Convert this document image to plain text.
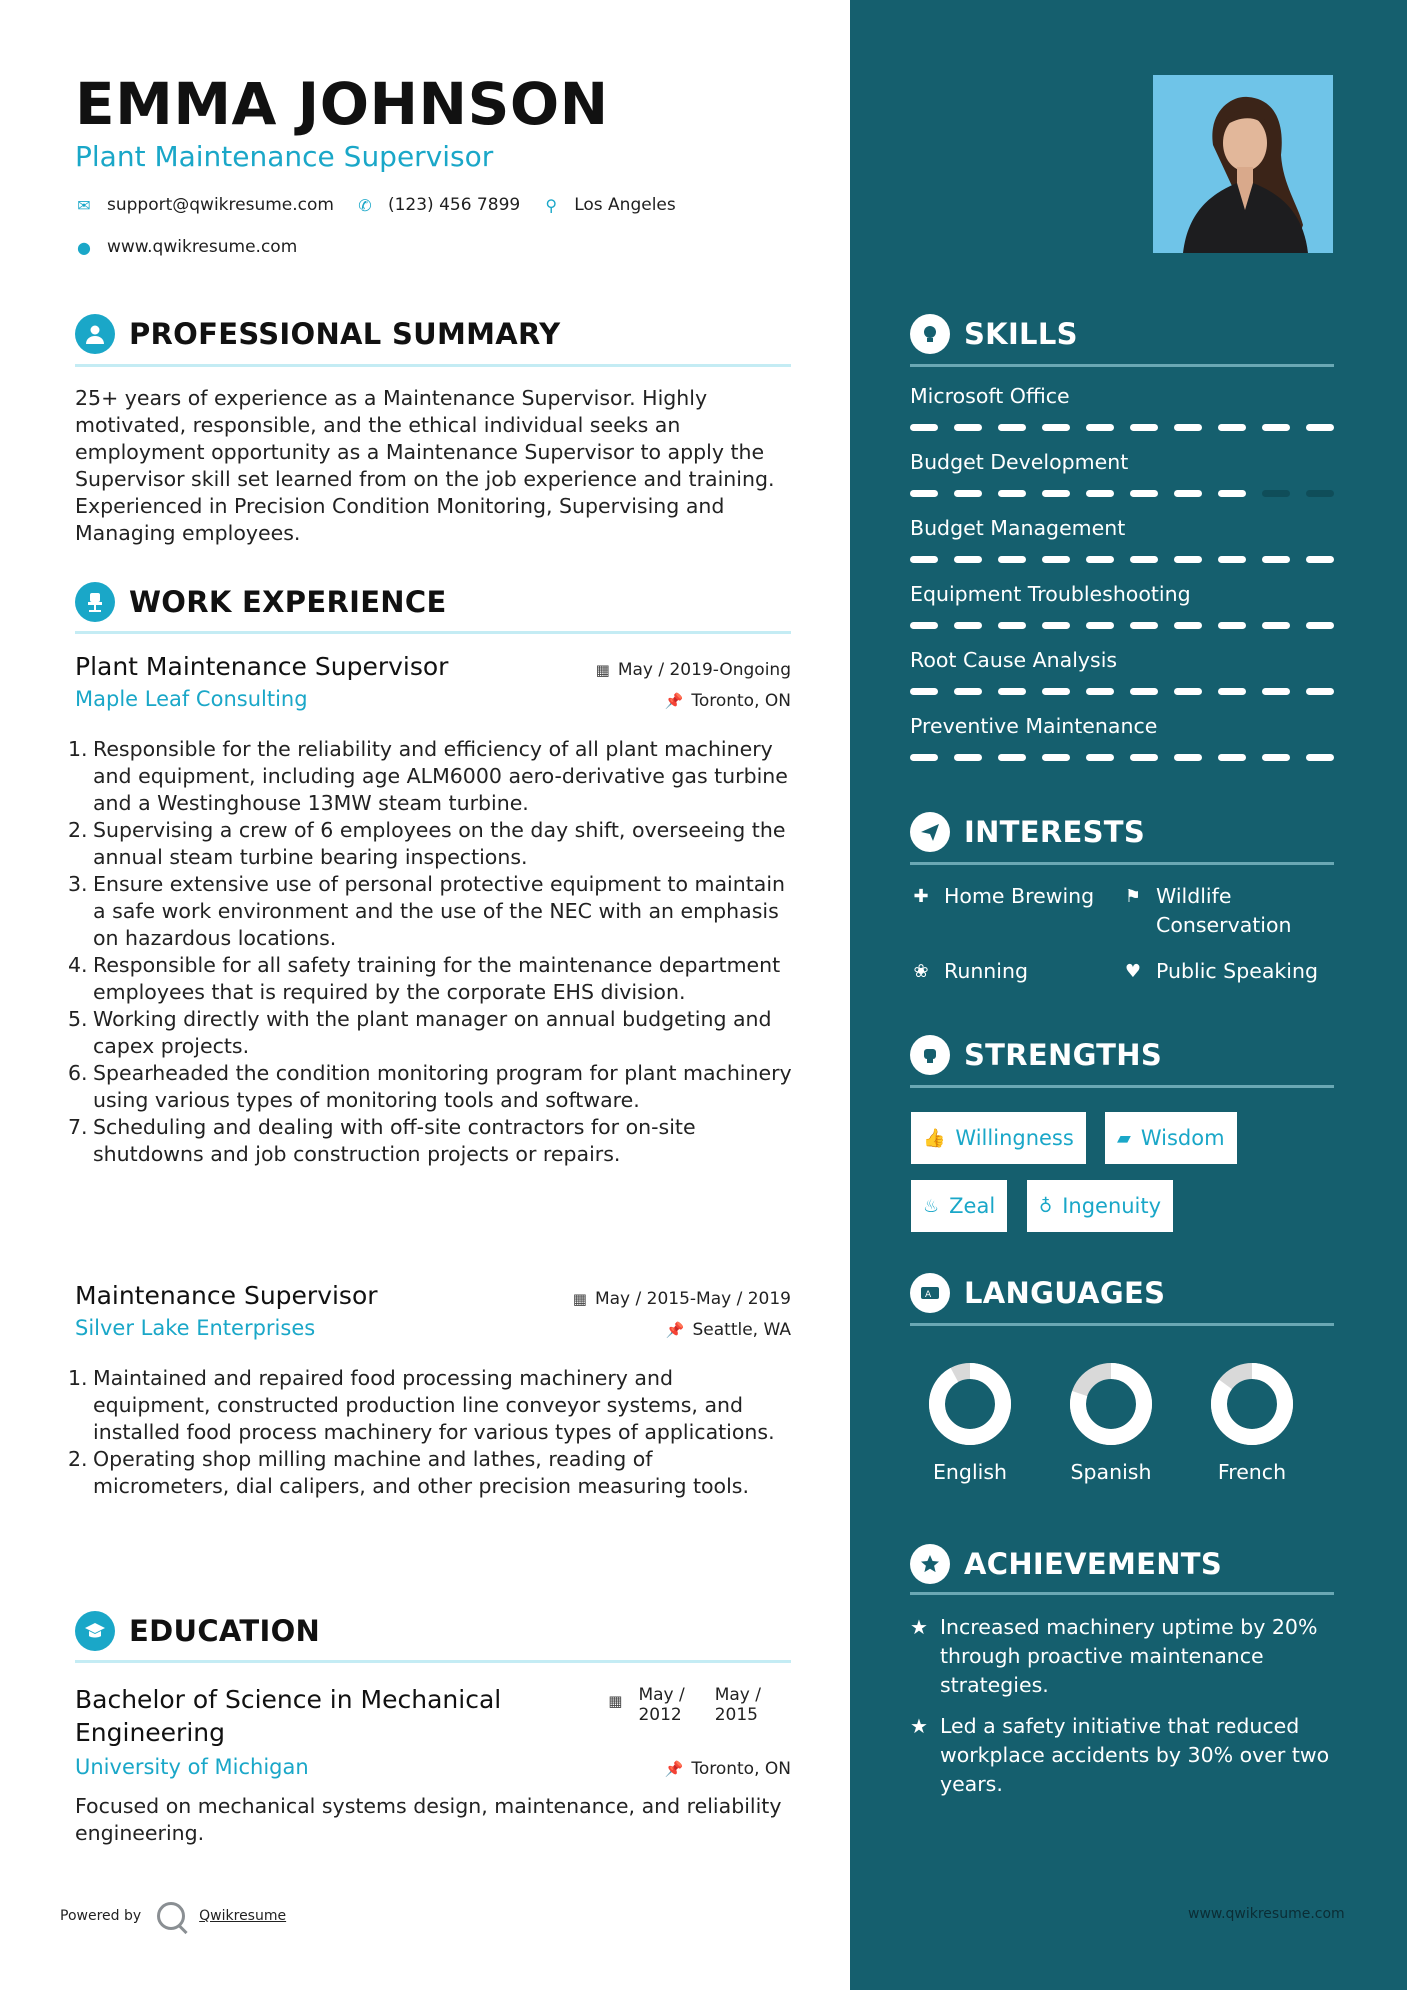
EMMA JOHNSON
Plant Maintenance Supervisor
✉ support@qwikresume.com ✆ (123) 456 7899 ⚲ Los Angeles
● www.qwikresume.com
PROFESSIONAL SUMMARY
25+ years of experience as a Maintenance Supervisor. Highly motivated, responsible, and the ethical individual seeks an employment opportunity as a Maintenance Supervisor to apply the Supervisor skill set learned from on the job experience and training. Experienced in Precision Condition Monitoring, Supervising and Managing employees.
WORK EXPERIENCE
Plant Maintenance Supervisor	▦ May / 2019-Ongoing
Maple Leaf Consulting	📌 Toronto, ON
1. Responsible for the reliability and efficiency of all plant machinery and equipment, including age ALM6000 aero-derivative gas turbine and a Westinghouse 13MW steam turbine.
2. Supervising a crew of 6 employees on the day shift, overseeing the annual steam turbine bearing inspections.
3. Ensure extensive use of personal protective equipment to maintain a safe work environment and the use of the NEC with an emphasis on hazardous locations.
4. Responsible for all safety training for the maintenance department employees that is required by the corporate EHS division.
5. Working directly with the plant manager on annual budgeting and capex projects.
6. Spearheaded the condition monitoring program for plant machinery using various types of monitoring tools and software.
7. Scheduling and dealing with off-site contractors for on-site shutdowns and job construction projects or repairs.
Maintenance Supervisor	▦ May / 2015-May / 2019
Silver Lake Enterprises	📌 Seattle, WA
1. Maintained and repaired food processing machinery and equipment, constructed production line conveyor systems, and installed food process machinery for various types of applications.
2. Operating shop milling machine and lathes, reading of micrometers, dial calipers, and other precision measuring tools.
EDUCATION
Bachelor of Science in Mechanical Engineering
▦ May /
2012
May /
2015
University of Michigan	📌 Toronto, ON
Focused on mechanical systems design, maintenance, and reliability engineering.
Powered by	Qwikresume
SKILLS
Microsoft Office
Budget Development
Budget Management
Equipment Troubleshooting
Root Cause Analysis
Preventive Maintenance
INTERESTS
✚ Home Brewing ⚑ Wildlife Conservation
❀ Running	♥ Public Speaking
STRENGTHS
👍 Willingness ▰ Wisdom
♨ Zeal ♁ Ingenuity
A LANGUAGES
English	Spanish	French
ACHIEVEMENTS
★ Increased machinery uptime by 20% through proactive maintenance strategies.
★ Led a safety initiative that reduced workplace accidents by 30% over two years.
www.qwikresume.com
